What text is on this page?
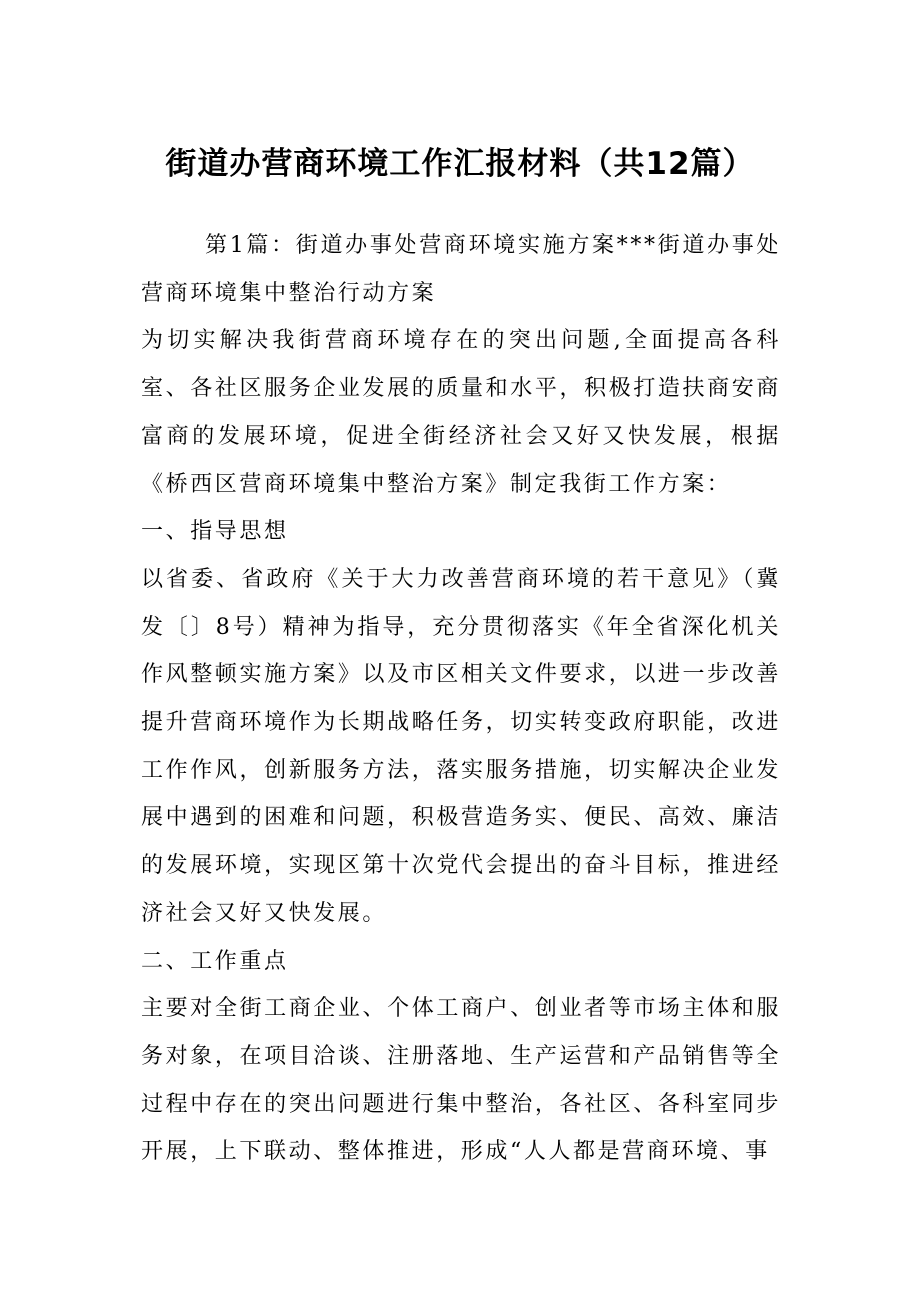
街道办营商环境工作汇报材料（共12篇）

第1篇：街道办事处营商环境实施方案***街道办事处营商环境集中整治行动方案

为切实解决我街营商环境存在的突出问题,全面提高各科室、各社区服务企业发展的质量和水平，积极打造扶商安商富商的发展环境，促进全街经济社会又好又快发展，根据《桥西区营商环境集中整治方案》制定我街工作方案：

一、指导思想

以省委、省政府《关于大力改善营商环境的若干意见》（冀发〔〕8号）精神为指导，充分贯彻落实《年全省深化机关作风整顿实施方案》以及市区相关文件要求，以进一步改善提升营商环境作为长期战略任务，切实转变政府职能，改进工作作风，创新服务方法，落实服务措施，切实解决企业发展中遇到的困难和问题，积极营造务实、便民、高效、廉洁的发展环境，实现区第十次党代会提出的奋斗目标，推进经济社会又好又快发展。

二、工作重点

主要对全街工商企业、个体工商户、创业者等市场主体和服务对象，在项目洽谈、注册落地、生产运营和产品销售等全过程中存在的突出问题进行集中整治，各社区、各科室同步开展，上下联动、整体推进，形成“人人都是营商环境、事
